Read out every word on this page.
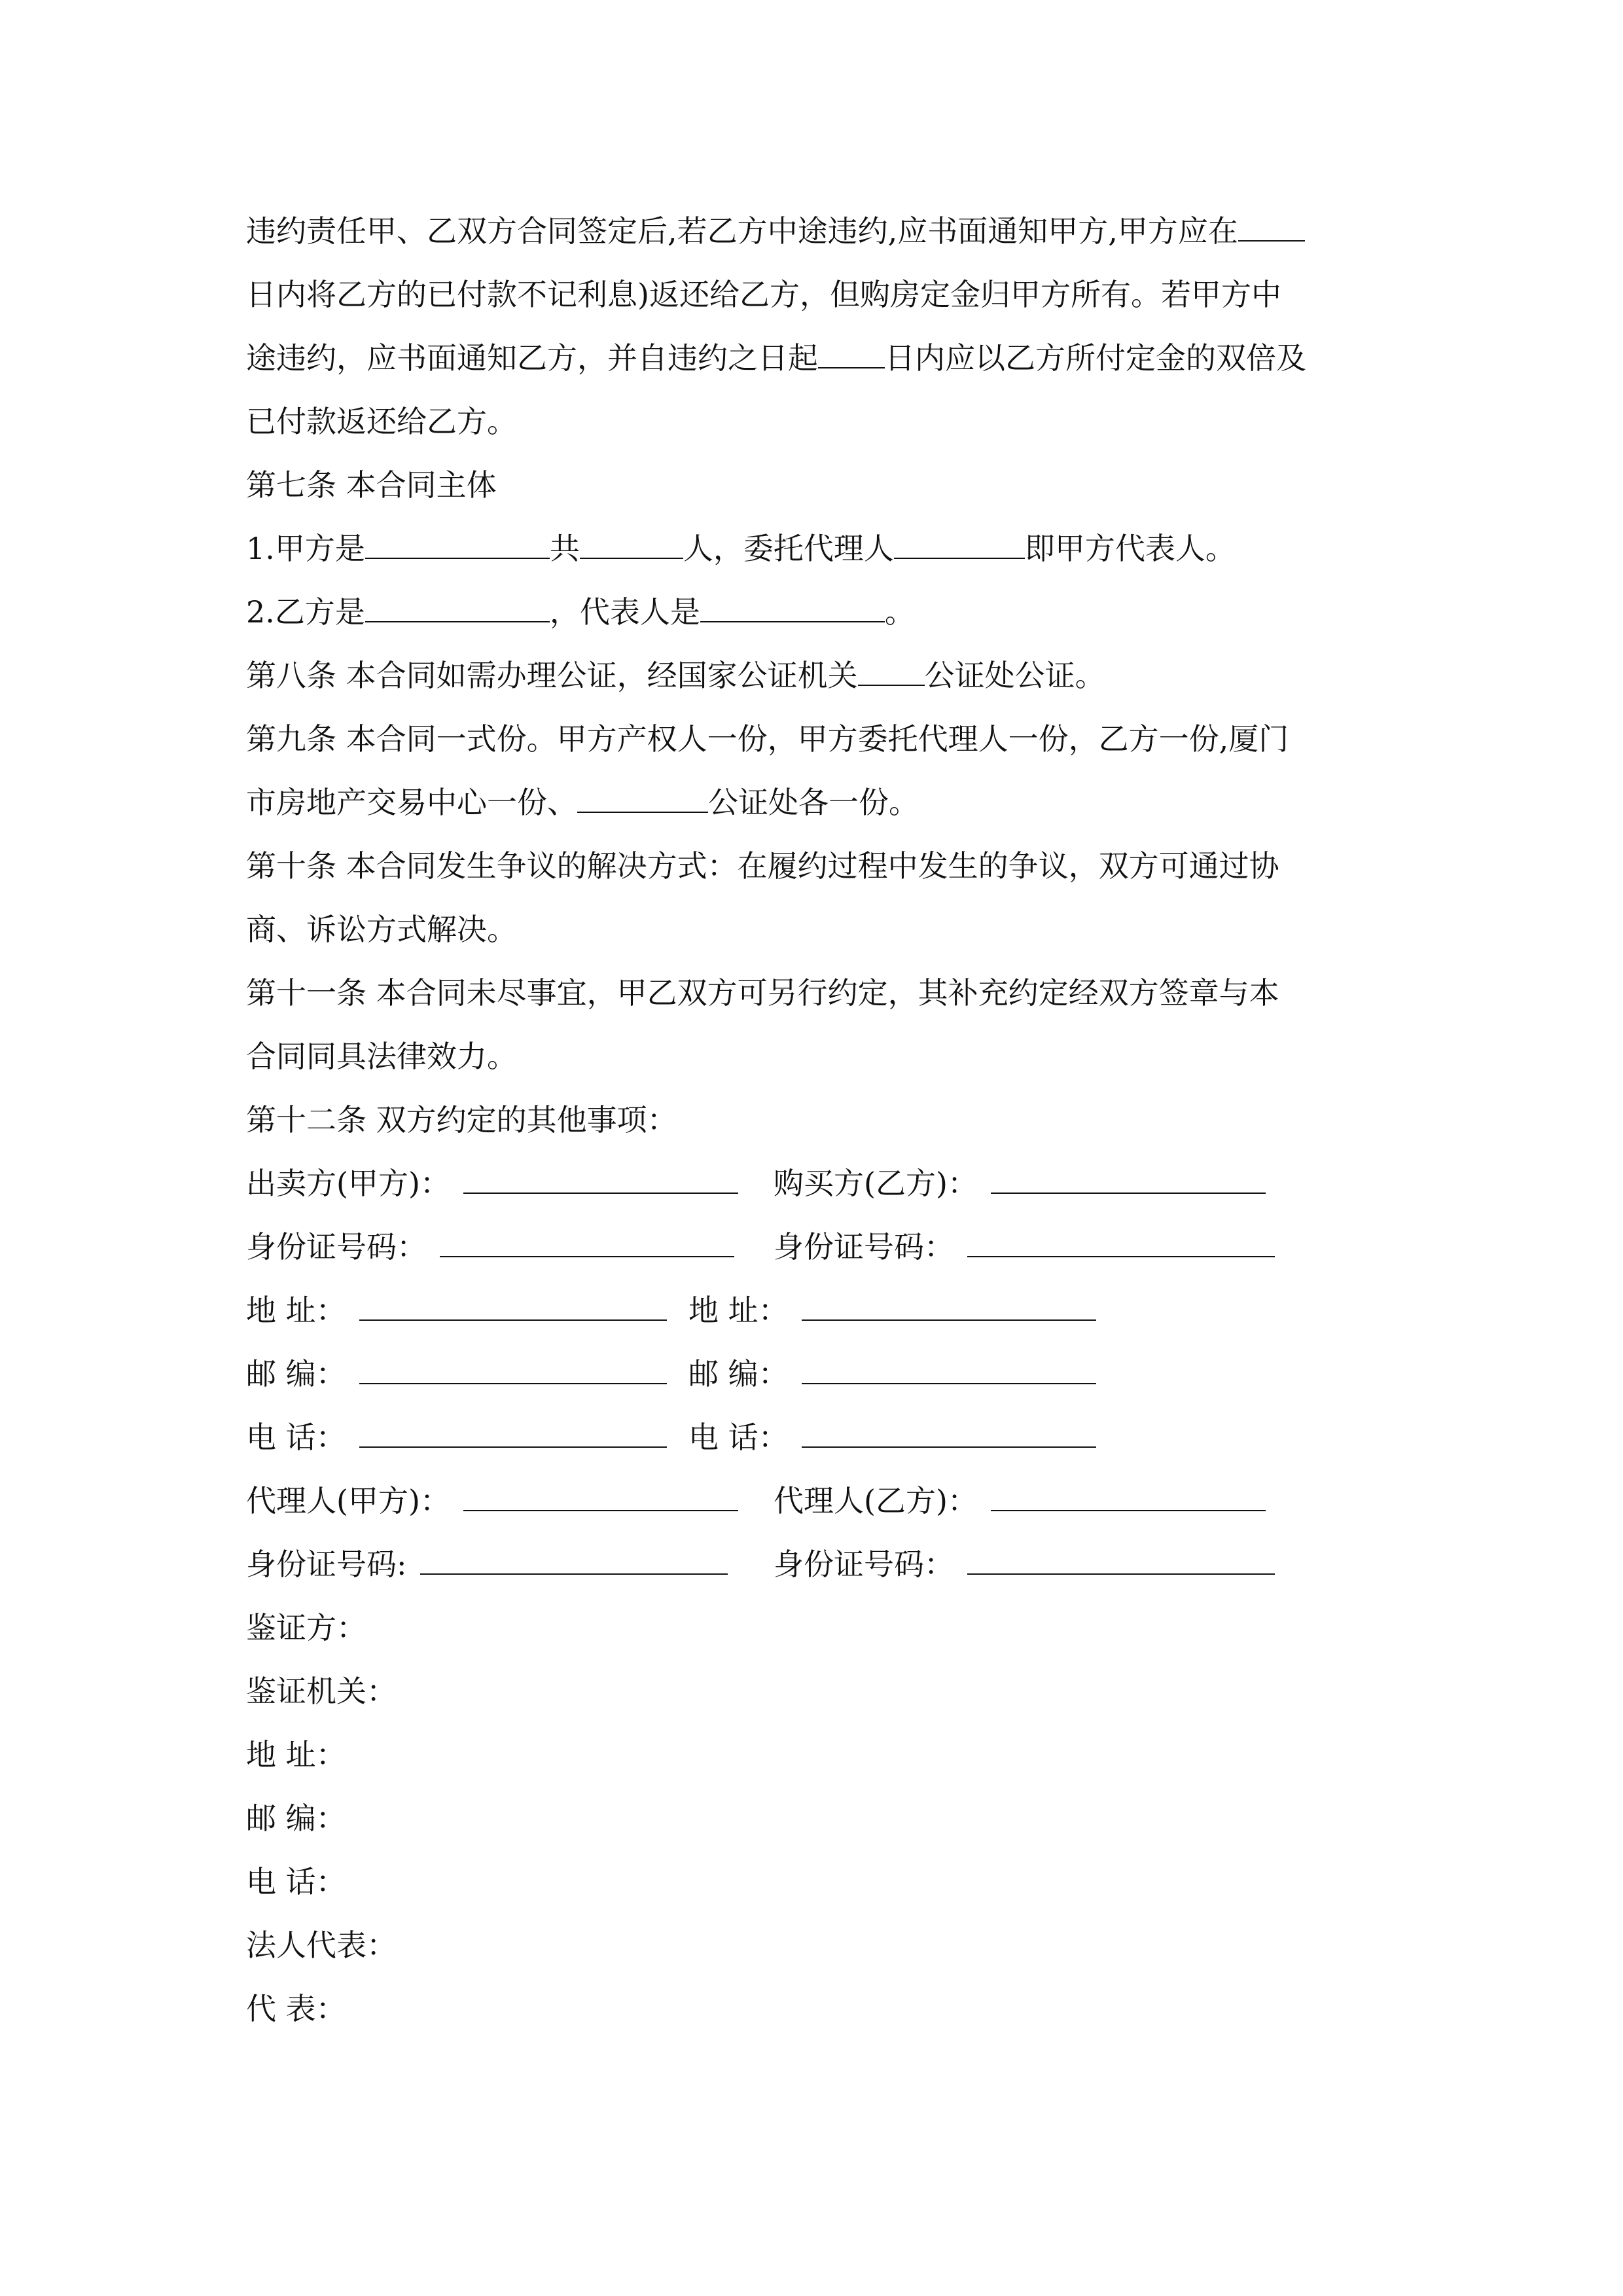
违约责任甲、乙双方合同签定后,若乙方中途违约,应书面通知甲方,甲方应在

日内将乙方的已付款不记利息)返还给乙方，但购房定金归甲方所有。若甲方中

途违约，应书面通知乙方，并自违约之日起 日内应以乙方所付定金的双倍及

已付款返还给乙方。

第七条 本合同主体

1.甲方是	共	人，委托代理人	即甲方代表人。

2.乙方是	，代表人是	。

第八条 本合同如需办理公证，经国家公证机关 公证处公证。

第九条 本合同一式份。甲方产权人一份，甲方委托代理人一份，乙方一份,厦门

市房地产交易中心一份、	公证处各一份。

第十条 本合同发生争议的解决方式：在履约过程中发生的争议，双方可通过协

商、诉讼方式解决。

第十一条 本合同未尽事宜，甲乙双方可另行约定，其补充约定经双方签章与本

合同同具法律效力。

第十二条 双方约定的其他事项：

出卖方(甲方)：	购买方(乙方)：

身份证号码：	身份证号码：

地 址：	地 址：

邮 编：	邮 编：

电 话：	电 话：

代理人(甲方)：	代理人(乙方)：

身份证号码:	身份证号码：

鉴证方：

鉴证机关：

地 址：

邮 编：

电 话：

法人代表：

代 表：
